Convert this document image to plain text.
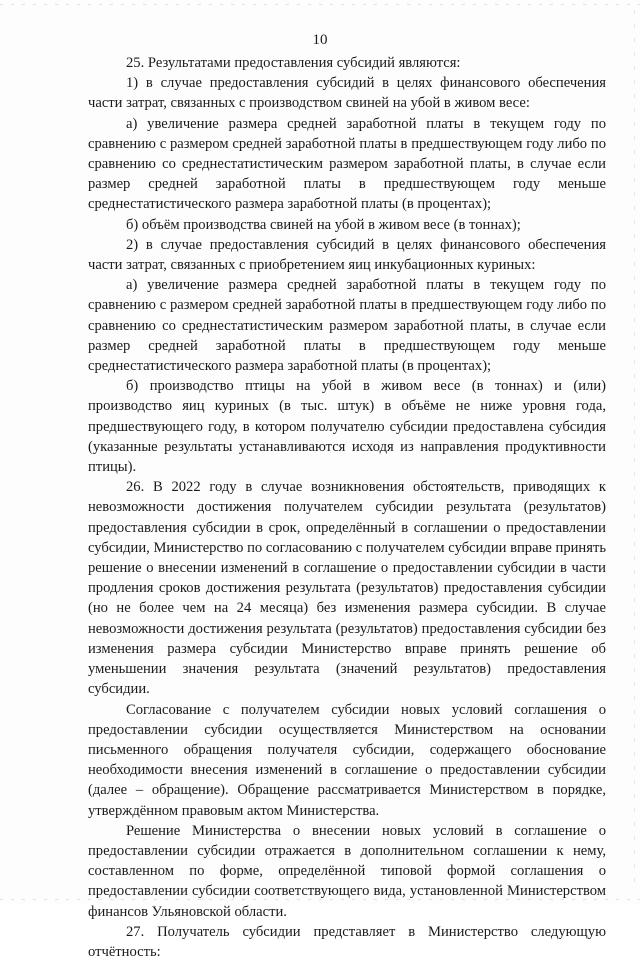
10

25. Результатами предоставления субсидий являются:

1) в случае предоставления субсидий в целях финансового обеспечения части затрат, связанных с производством свиней на убой в живом весе:

а) увеличение размера средней заработной платы в текущем году по сравнению с размером средней заработной платы в предшествующем году либо по сравнению со среднестатистическим размером заработной платы, в случае если размер средней заработной платы в предшествующем году меньше среднестатистического размера заработной платы (в процентах);

б) объём производства свиней на убой в живом весе (в тоннах);

2) в случае предоставления субсидий в целях финансового обеспечения части затрат, связанных с приобретением яиц инкубационных куриных:

а) увеличение размера средней заработной платы в текущем году по сравнению с размером средней заработной платы в предшествующем году либо по сравнению со среднестатистическим размером заработной платы, в случае если размер средней заработной платы в предшествующем году меньше среднестатистического размера заработной платы (в процентах);

б) производство птицы на убой в живом весе (в тоннах) и (или) производство яиц куриных (в тыс. штук) в объёме не ниже уровня года, предшествующего году, в котором получателю субсидии предоставлена субсидия (указанные результаты устанавливаются исходя из направления продуктивности птицы).

26. В 2022 году в случае возникновения обстоятельств, приводящих к невозможности достижения получателем субсидии результата (результатов) предоставления субсидии в срок, определённый в соглашении о предоставлении субсидии, Министерство по согласованию с получателем субсидии вправе принять решение о внесении изменений в соглашение о предоставлении субсидии в части продления сроков достижения результата (результатов) предоставления субсидии (но не более чем на 24 месяца) без изменения размера субсидии. В случае невозможности достижения результата (результатов) предоставления субсидии без изменения размера субсидии Министерство вправе принять решение об уменьшении значения результата (значений результатов) предоставления субсидии.

Согласование с получателем субсидии новых условий соглашения о предоставлении субсидии осуществляется Министерством на основании письменного обращения получателя субсидии, содержащего обоснование необходимости внесения изменений в соглашение о предоставлении субсидии (далее – обращение). Обращение рассматривается Министерством в порядке, утверждённом правовым актом Министерства.

Решение Министерства о внесении новых условий в соглашение о предоставлении субсидии отражается в дополнительном соглашении к нему, составленном по форме, определённой типовой формой соглашения о предоставлении субсидии соответствующего вида, установленной Министерством финансов Ульяновской области.

27. Получатель субсидии представляет в Министерство следующую отчётность:
